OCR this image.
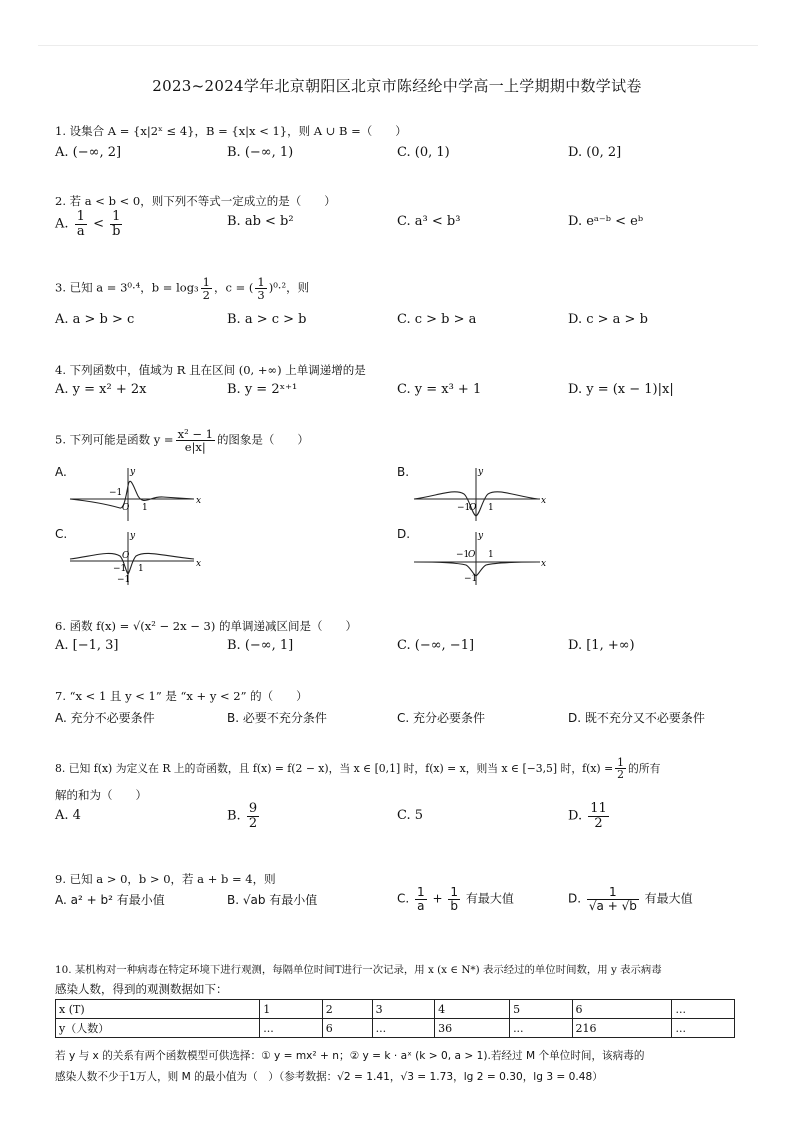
2023~2024学年北京朝阳区北京市陈经纶中学高一上学期期中数学试卷
1. 设集合 A = {x|2ˣ ≤ 4}，B = {x|x < 1}，则 A ∪ B =（　　）
A. (−∞, 2]	B. (−∞, 1)	C. (0, 1)	D. (0, 2]
2. 若 a < b < 0，则下列不等式一定成立的是（　　）
A. $\frac{1}{a} < \frac{1}{b}$	B. ab < b²	C. a³ < b³	D. eᵃ⁻ᵇ < eᵇ
3. 已知 a = 3⁰·⁴，$b = \log_3 \frac{1}{2}$ ，c = ( $\frac{1}{3} )^0\cdot^2$，则
A. a > b > c	B. a > c > b	C. c > b > a	D. c > a > b
4. 下列函数中，值域为 R 且在区间 (0, +∞) 上单调递增的是
A. y = x² + 2x	B. y = 2ˣ⁺¹	C. y = x³ + 1	D. y = (x − 1)|x|
5. 下列可能是函数 $y = \frac{\text{x² − 1}}{e|x|}$ 的图象是（　　）
A.	B.
C.	D.
y
x
−1
O 1
y
x
−1
O 1
y
x
−1
O
1
−1
y
x
−1
O 1
−1
6. 函数 f(x) = √(x² − 2x − 3) 的单调递减区间是（　　）
A. [−1, 3]	B. (−∞, 1]	C. (−∞, −1]	D. [1, +∞)
7. “x < 1 且 y < 1” 是 “x + y < 2” 的（　　）
A. 充分不必要条件	B. 必要不充分条件	C. 充分必要条件	D. 既不充分又不必要条件
8. 已知 f(x) 为定义在 R 上的奇函数，且 f(x) = f(2 − x)，当 x ∈ [0,1] 时，f(x) = x，则当 x ∈ [−3,5] 时，$f(x) = \frac{1}{2}$ 的所有
解的和为（　　）
A. 4	B. $\frac{9}{2}$	C. 5	D. $\frac{11}{2}$
9. 已知 a > 0，b > 0，若 a + b = 4，则
A. a² + b² 有最小值	B. √ab 有最小值	C. $\frac{1}{a} + \frac{1}{b}$ 有最大值	D. $\frac{1}{√a + √b}$ 有最大值
10. 某机构对一种病毒在特定环境下进行观测，每隔单位时间T进行一次记录，用 x (x ∈ N*) 表示经过的单位时间数，用 y 表示病毒
感染人数，得到的观测数据如下：
x (T)	1	2	3	4	5	6	...
y（人数）	...	6	...	36	...	216	...
若 y 与 x 的关系有两个函数模型可供选择：① y = mx² + n；② y = k · aˣ (k > 0, a > 1).若经过 M 个单位时间，该病毒的
感染人数不少于1万人，则 M 的最小值为（　）（参考数据：√2 = 1.41，√3 = 1.73，lg 2 = 0.30，lg 3 = 0.48）
